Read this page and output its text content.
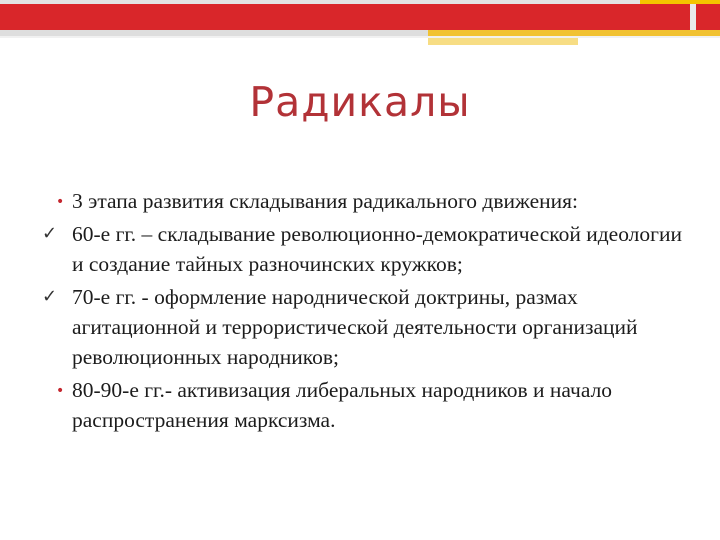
Радикалы
• 3 этапа развития складывания радикального движения:
✓ 60-е гг. – складывание революционно-демократической идеологии и создание тайных разночинских кружков;
✓ 70-е гг. - оформление народнической доктрины, размах агитационной и террористической деятельности организаций революционных народников;
• 80-90-е гг.- активизация либеральных народников и начало распространения марксизма.
